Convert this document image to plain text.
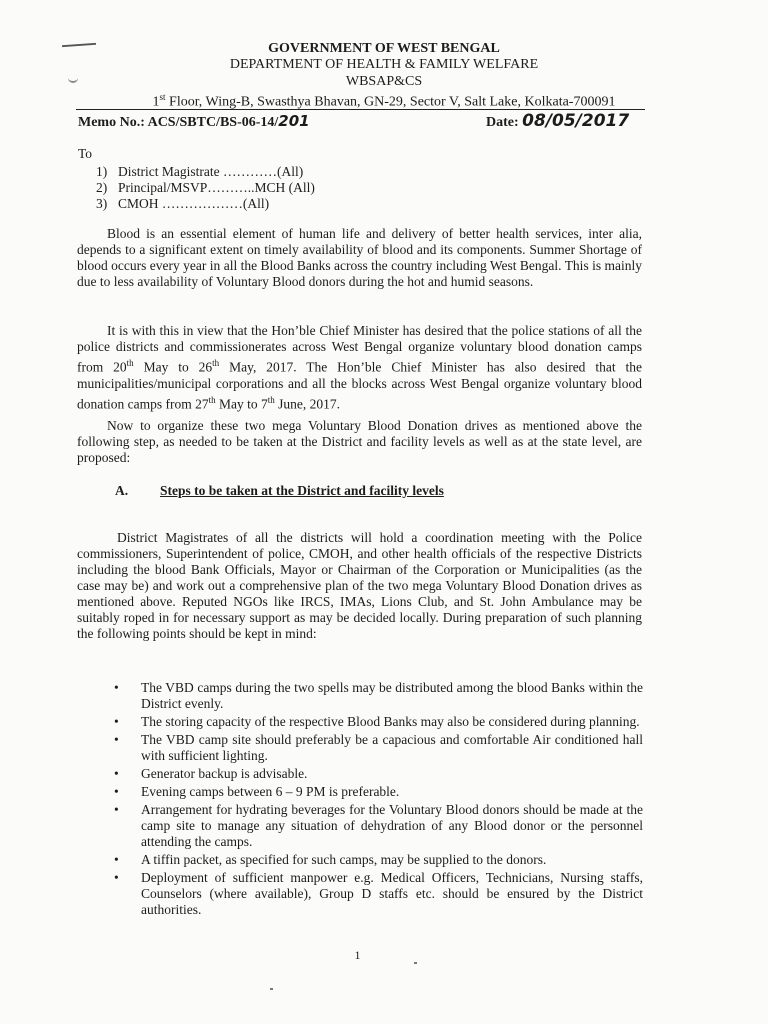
GOVERNMENT OF WEST BENGAL
DEPARTMENT OF HEALTH & FAMILY WELFARE
WBSAP&CS
1st Floor, Wing-B, Swasthya Bhavan, GN-29, Sector V, Salt Lake, Kolkata-700091
Memo No.: ACS/SBTC/BS-06-14/201	Date: 08/05/2017
To
1) District Magistrate …………(All)
2) Principal/MSVP………..MCH (All)
3) CMOH ………………(All)

Blood is an essential element of human life and delivery of better health services, inter alia, depends to a significant extent on timely availability of blood and its components. Summer Shortage of blood occurs every year in all the Blood Banks across the country including West Bengal. This is mainly due to less availability of Voluntary Blood donors during the hot and humid seasons.

It is with this in view that the Hon’ble Chief Minister has desired that the police stations of all the police districts and commissionerates across West Bengal organize voluntary blood donation camps from 20th May to 26th May, 2017. The Hon’ble Chief Minister has also desired that the municipalities/municipal corporations and all the blocks across West Bengal organize voluntary blood donation camps from 27th May to 7th June, 2017.

Now to organize these two mega Voluntary Blood Donation drives as mentioned above the following step, as needed to be taken at the District and facility levels as well as at the state level, are proposed:

A. Steps to be taken at the District and facility levels

District Magistrates of all the districts will hold a coordination meeting with the Police commissioners, Superintendent of police, CMOH, and other health officials of the respective Districts including the blood Bank Officials, Mayor or Chairman of the Corporation or Municipalities (as the case may be) and work out a comprehensive plan of the two mega Voluntary Blood Donation drives as mentioned above. Reputed NGOs like IRCS, IMAs, Lions Club, and St. John Ambulance may be suitably roped in for necessary support as may be decided locally. During preparation of such planning the following points should be kept in mind:

• The VBD camps during the two spells may be distributed among the blood Banks within the District evenly.
• The storing capacity of the respective Blood Banks may also be considered during planning.
• The VBD camp site should preferably be a capacious and comfortable Air conditioned hall with sufficient lighting.
• Generator backup is advisable.
• Evening camps between 6 – 9 PM is preferable.
• Arrangement for hydrating beverages for the Voluntary Blood donors should be made at the camp site to manage any situation of dehydration of any Blood donor or the personnel attending the camps.
• A tiffin packet, as specified for such camps, may be supplied to the donors.
• Deployment of sufficient manpower e.g. Medical Officers, Technicians, Nursing staffs, Counselors (where available), Group D staffs etc. should be ensured by the District authorities.
1
